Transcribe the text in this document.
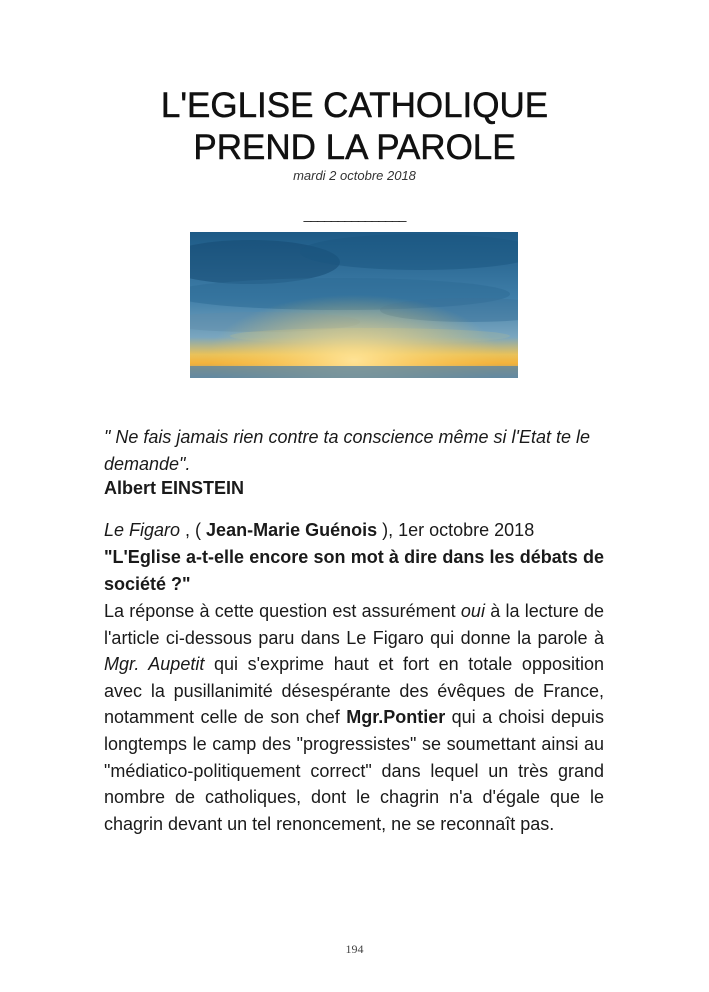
L'EGLISE CATHOLIQUE
PREND LA PAROLE
mardi 2 octobre 2018
_______________
" Ne fais jamais rien contre ta conscience même si l'Etat te le demande".
Albert EINSTEIN
Le Figaro , ( Jean-Marie Guénois ), 1er octobre 2018
"L'Eglise a-t-elle encore son mot à dire dans les débats de société ?"
La réponse à cette question est assurément oui à la lecture de l'article ci-dessous paru dans Le Figaro qui donne la parole à Mgr. Aupetit qui s'exprime haut et fort en totale opposition avec la pusillanimité désespérante des évêques de France, notamment celle de son chef Mgr.Pontier qui a choisi depuis longtemps le camp des "progressistes" se soumettant ainsi au "médiatico-politiquement correct" dans lequel un très grand nombre de catholiques, dont le chagrin n'a d'égale que le chagrin devant un tel renoncement, ne se reconnaît pas.
194
